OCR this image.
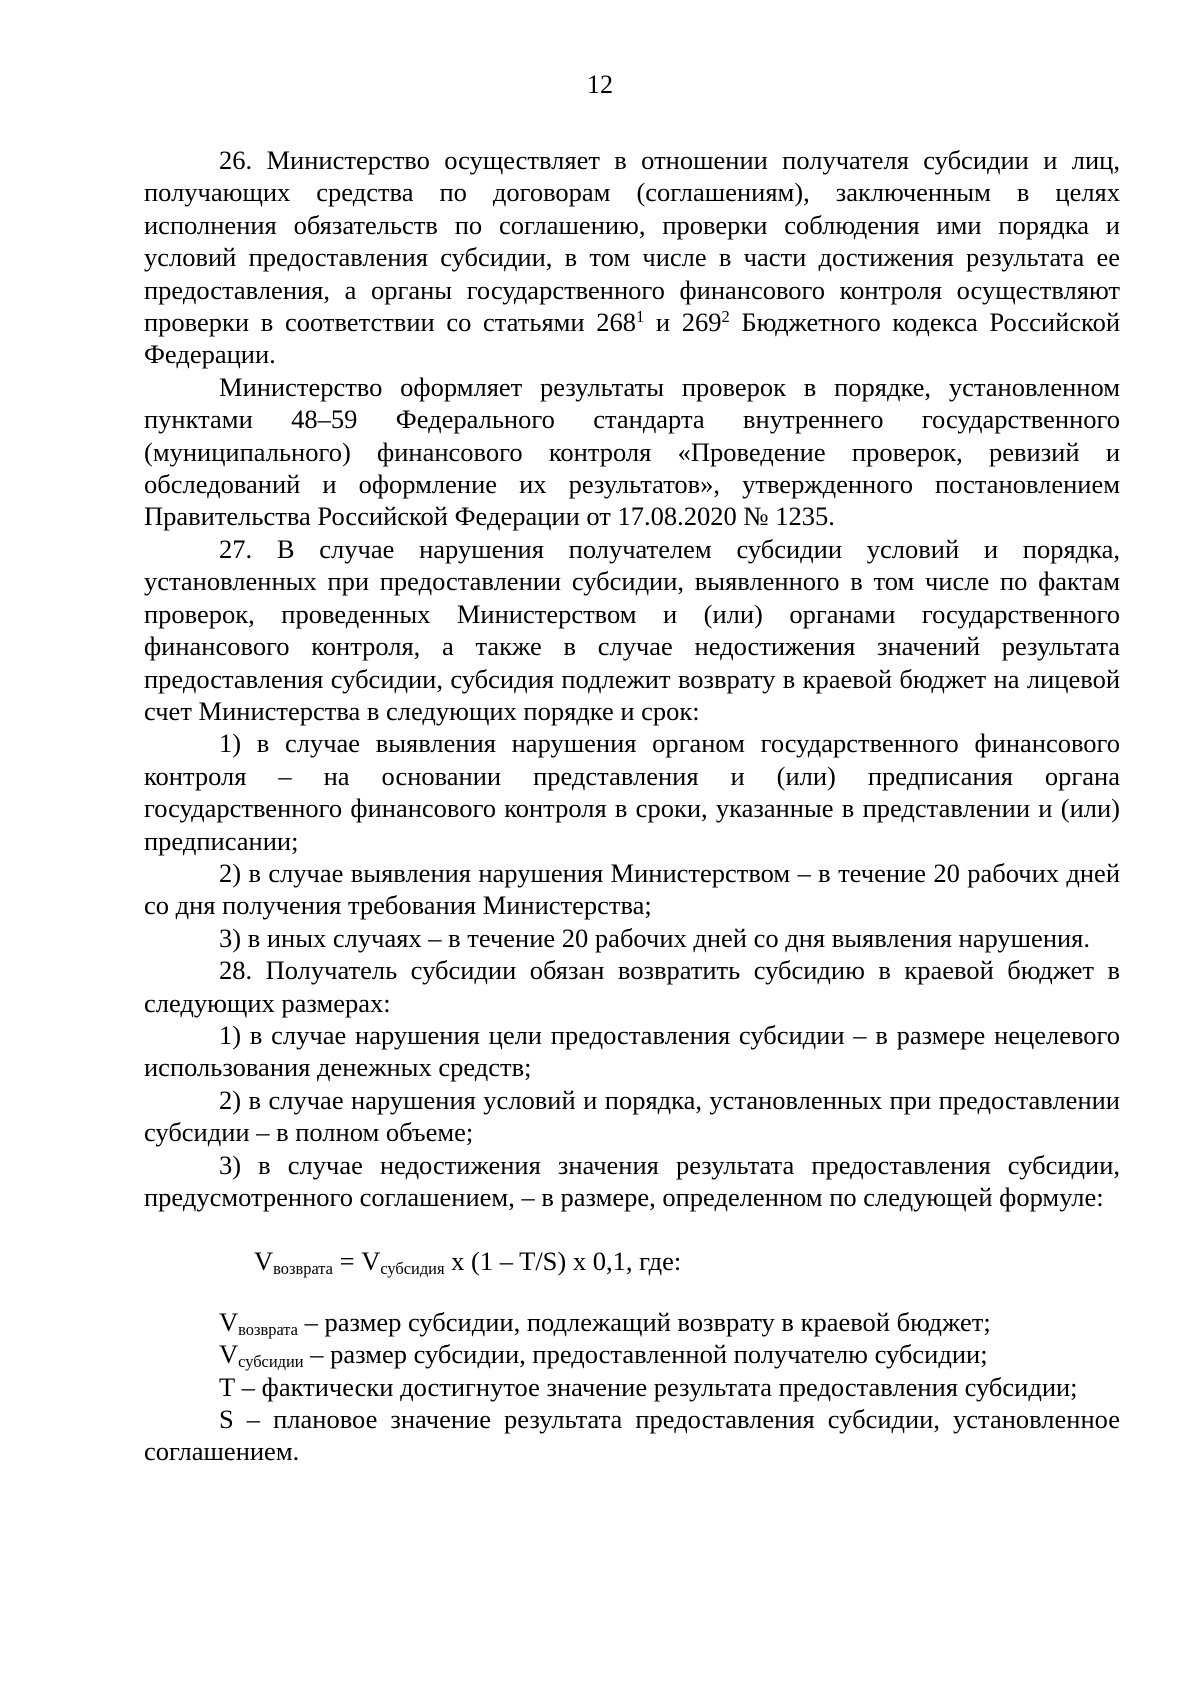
12

26. Министерство осуществляет в отношении получателя субсидии и лиц, получающих средства по договорам (соглашениям), заключенным в целях исполнения обязательств по соглашению, проверки соблюдения ими порядка и условий предоставления субсидии, в том числе в части достижения результата ее предоставления, а органы государственного финансового контроля осуществляют проверки в соответствии со статьями $268^1$ и $269^2$ Бюджетного кодекса Российской Федерации.

Министерство оформляет результаты проверок в порядке, установленном пунктами 48–59 Федерального стандарта внутреннего государственного (муниципального) финансового контроля «Проведение проверок, ревизий и обследований и оформление их результатов», утвержденного постановлением Правительства Российской Федерации от 17.08.2020 № 1235.

27. В случае нарушения получателем субсидии условий и порядка, установленных при предоставлении субсидии, выявленного в том числе по фактам проверок, проведенных Министерством и (или) органами государственного финансового контроля, а также в случае недостижения значений результата предоставления субсидии, субсидия подлежит возврату в краевой бюджет на лицевой счет Министерства в следующих порядке и срок:

1) в случае выявления нарушения органом государственного финансового контроля – на основании представления и (или) предписания органа государственного финансового контроля в сроки, указанные в представлении и (или) предписании;

2) в случае выявления нарушения Министерством – в течение 20 рабочих дней со дня получения требования Министерства;

3) в иных случаях – в течение 20 рабочих дней со дня выявления нарушения.

28. Получатель субсидии обязан возвратить субсидию в краевой бюджет в следующих размерах:

1) в случае нарушения цели предоставления субсидии – в размере нецелевого использования денежных средств;

2) в случае нарушения условий и порядка, установленных при предоставлении субсидии – в полном объеме;

3) в случае недостижения значения результата предоставления субсидии, предусмотренного соглашением, – в размере, определенном по следующей формуле:

$V_{возврата} = V_{субсидия}$ x (1 – T/S) x 0,1, где:

$V_{возврата}$ – размер субсидии, подлежащий возврату в краевой бюджет;

$V_{субсидии}$ – размер субсидии, предоставленной получателю субсидии;

Т – фактически достигнутое значение результата предоставления субсидии;

S – плановое значение результата предоставления субсидии, установленное соглашением.
